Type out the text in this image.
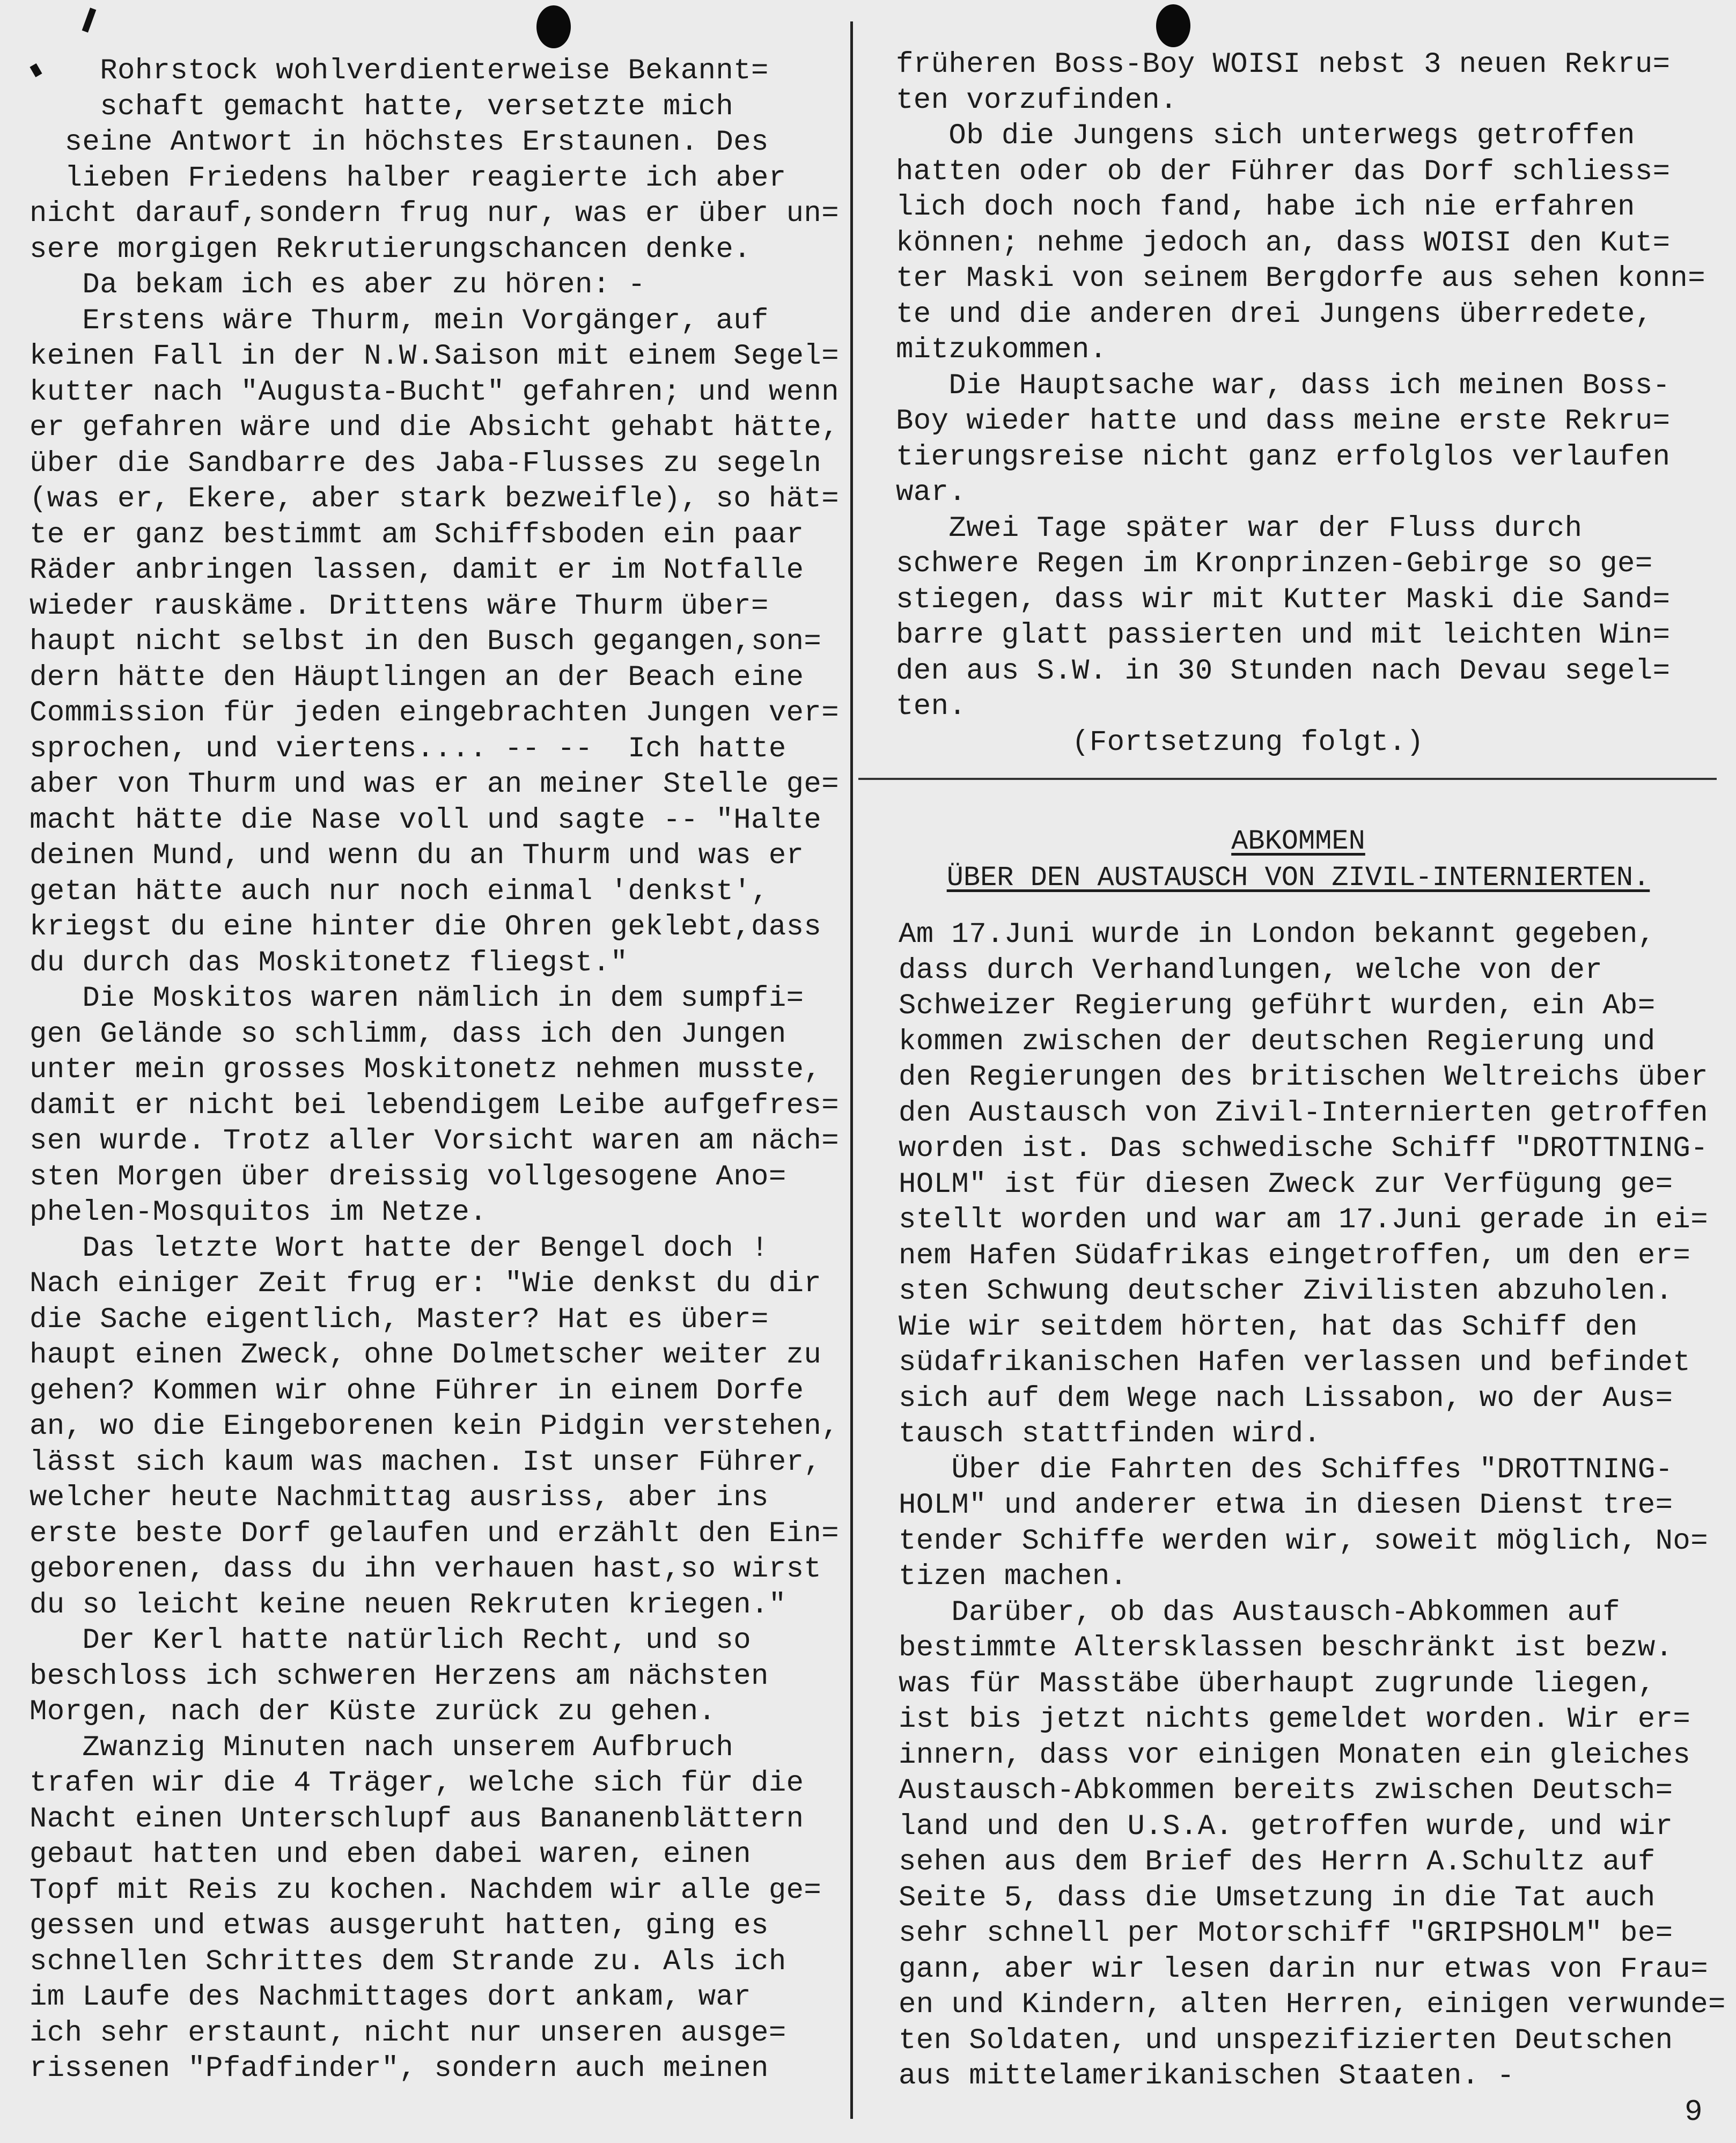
Rohrstock wohlverdienterweise Bekannt=

schaft gemacht hatte, versetzte mich

seine Antwort in höchstes Erstaunen. Des

lieben Friedens halber reagierte ich aber

nicht darauf,sondern frug nur, was er über un=

sere morgigen Rekrutierungschancen denke.

Da bekam ich es aber zu hören: -

Erstens wäre Thurm, mein Vorgänger, auf

keinen Fall in der N.W.Saison mit einem Segel=

kutter nach "Augusta-Bucht" gefahren; und wenn

er gefahren wäre und die Absicht gehabt hätte,

über die Sandbarre des Jaba-Flusses zu segeln

(was er, Ekere, aber stark bezweifle), so hät=

te er ganz bestimmt am Schiffsboden ein paar

Räder anbringen lassen, damit er im Notfalle

wieder rauskäme. Drittens wäre Thurm über=

haupt nicht selbst in den Busch gegangen,son=

dern hätte den Häuptlingen an der Beach eine

Commission für jeden eingebrachten Jungen ver=

sprochen, und viertens.... -- --  Ich hatte

aber von Thurm und was er an meiner Stelle ge=

macht hätte die Nase voll und sagte -- "Halte

deinen Mund, und wenn du an Thurm und was er

getan hätte auch nur noch einmal 'denkst',

kriegst du eine hinter die Ohren geklebt,dass

du durch das Moskitonetz fliegst."

Die Moskitos waren nämlich in dem sumpfi=

gen Gelände so schlimm, dass ich den Jungen

unter mein grosses Moskitonetz nehmen musste,

damit er nicht bei lebendigem Leibe aufgefres=

sen wurde. Trotz aller Vorsicht waren am näch=

sten Morgen über dreissig vollgesogene Ano=

phelen-Mosquitos im Netze.

Das letzte Wort hatte der Bengel doch !

Nach einiger Zeit frug er: "Wie denkst du dir

die Sache eigentlich, Master? Hat es über=

haupt einen Zweck, ohne Dolmetscher weiter zu

gehen? Kommen wir ohne Führer in einem Dorfe

an, wo die Eingeborenen kein Pidgin verstehen,

lässt sich kaum was machen. Ist unser Führer,

welcher heute Nachmittag ausriss, aber ins

erste beste Dorf gelaufen und erzählt den Ein=

geborenen, dass du ihn verhauen hast,so wirst

du so leicht keine neuen Rekruten kriegen."

Der Kerl hatte natürlich Recht, und so

beschloss ich schweren Herzens am nächsten

Morgen, nach der Küste zurück zu gehen.

Zwanzig Minuten nach unserem Aufbruch

trafen wir die 4 Träger, welche sich für die

Nacht einen Unterschlupf aus Bananenblättern

gebaut hatten und eben dabei waren, einen

Topf mit Reis zu kochen. Nachdem wir alle ge=

gessen und etwas ausgeruht hatten, ging es

schnellen Schrittes dem Strande zu. Als ich

im Laufe des Nachmittages dort ankam, war

ich sehr erstaunt, nicht nur unseren ausge=

rissenen "Pfadfinder", sondern auch meinen

früheren Boss-Boy WOISI nebst 3 neuen Rekru=

ten vorzufinden.

Ob die Jungens sich unterwegs getroffen

hatten oder ob der Führer das Dorf schliess=

lich doch noch fand, habe ich nie erfahren

können; nehme jedoch an, dass WOISI den Kut=

ter Maski von seinem Bergdorfe aus sehen konn=

te und die anderen drei Jungens überredete,

mitzukommen.

Die Hauptsache war, dass ich meinen Boss-

Boy wieder hatte und dass meine erste Rekru=

tierungsreise nicht ganz erfolglos verlaufen

war.

Zwei Tage später war der Fluss durch

schwere Regen im Kronprinzen-Gebirge so ge=

stiegen, dass wir mit Kutter Maski die Sand=

barre glatt passierten und mit leichten Win=

den aus S.W. in 30 Stunden nach Devau segel=

ten.

(Fortsetzung folgt.)

ABKOMMEN

ÜBER DEN AUSTAUSCH VON ZIVIL-INTERNIERTEN.

Am 17.Juni wurde in London bekannt gegeben,

dass durch Verhandlungen, welche von der

Schweizer Regierung geführt wurden, ein Ab=

kommen zwischen der deutschen Regierung und

den Regierungen des britischen Weltreichs über

den Austausch von Zivil-Internierten getroffen

worden ist. Das schwedische Schiff "DROTTNING-

HOLM" ist für diesen Zweck zur Verfügung ge=

stellt worden und war am 17.Juni gerade in ei=

nem Hafen Südafrikas eingetroffen, um den er=

sten Schwung deutscher Zivilisten abzuholen.

Wie wir seitdem hörten, hat das Schiff den

südafrikanischen Hafen verlassen und befindet

sich auf dem Wege nach Lissabon, wo der Aus=

tausch stattfinden wird.

Über die Fahrten des Schiffes "DROTTNING-

HOLM" und anderer etwa in diesen Dienst tre=

tender Schiffe werden wir, soweit möglich, No=

tizen machen.

Darüber, ob das Austausch-Abkommen auf

bestimmte Altersklassen beschränkt ist bezw.

was für Masstäbe überhaupt zugrunde liegen,

ist bis jetzt nichts gemeldet worden. Wir er=

innern, dass vor einigen Monaten ein gleiches

Austausch-Abkommen bereits zwischen Deutsch=

land und den U.S.A. getroffen wurde, und wir

sehen aus dem Brief des Herrn A.Schultz auf

Seite 5, dass die Umsetzung in die Tat auch

sehr schnell per Motorschiff "GRIPSHOLM" be=

gann, aber wir lesen darin nur etwas von Frau=

en und Kindern, alten Herren, einigen verwunde=

ten Soldaten, und unspezifizierten Deutschen

aus mittelamerikanischen Staaten. -

9
